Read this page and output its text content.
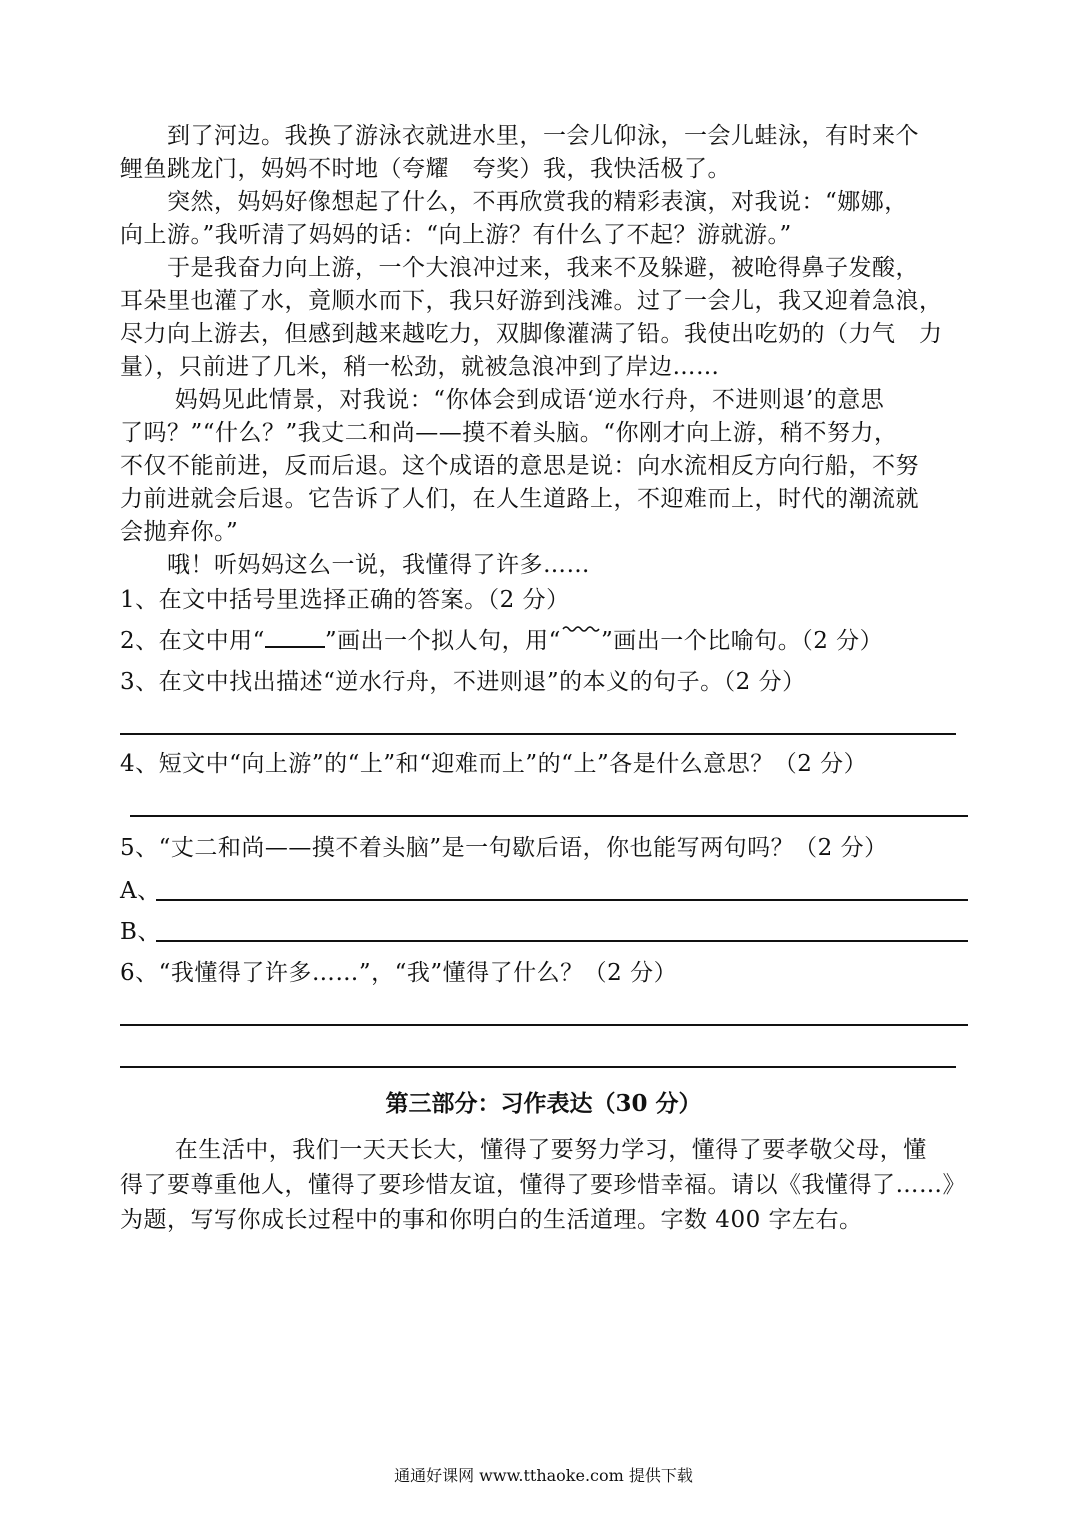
　　到了河边。我换了游泳衣就进水里，一会儿仰泳，一会儿蛙泳，有时来个
鲤鱼跳龙门，妈妈不时地（夸耀　夸奖）我，我快活极了。
　　突然，妈妈好像想起了什么，不再欣赏我的精彩表演，对我说：“娜娜，
向上游。”我听清了妈妈的话：“向上游？有什么了不起？游就游。”
　　于是我奋力向上游，一个大浪冲过来，我来不及躲避，被呛得鼻子发酸，
耳朵里也灌了水，竟顺水而下，我只好游到浅滩。过了一会儿，我又迎着急浪，
尽力向上游去，但感到越来越吃力，双脚像灌满了铅。我使出吃奶的（力气　力
量），只前进了几米，稍一松劲，就被急浪冲到了岸边……
　　 妈妈见此情景，对我说：“你体会到成语‘逆水行舟，不进则退’的意思
了吗？”“什么？”我丈二和尚——摸不着头脑。“你刚才向上游，稍不努力，
不仅不能前进，反而后退。这个成语的意思是说：向水流相反方向行船，不努
力前进就会后退。它告诉了人们，在人生道路上，不迎难而上，时代的潮流就
会抛弃你。”
　　哦！听妈妈这么一说，我懂得了许多……
1、在文中括号里选择正确的答案。（2 分）
2、在文中用“	”画出一个拟人句，用“ ”画出一个比喻句。（2 分）
3、在文中找出描述“逆水行舟，不进则退”的本义的句子。（2 分）
4、短文中“向上游”的“上”和“迎难而上”的“上”各是什么意思？（2 分）
5、“丈二和尚——摸不着头脑”是一句歇后语，你也能写两句吗？（2 分）
A、
B、
6、“我懂得了许多……”，“我”懂得了什么？（2 分）
第三部分：习作表达（30 分）
　　 在生活中，我们一天天长大，懂得了要努力学习，懂得了要孝敬父母，懂
得了要尊重他人，懂得了要珍惜友谊，懂得了要珍惜幸福。请以《我懂得了……》
为题，写写你成长过程中的事和你明白的生活道理。字数 400 字左右。
通通好课网 www.tthaoke.com 提供下载
